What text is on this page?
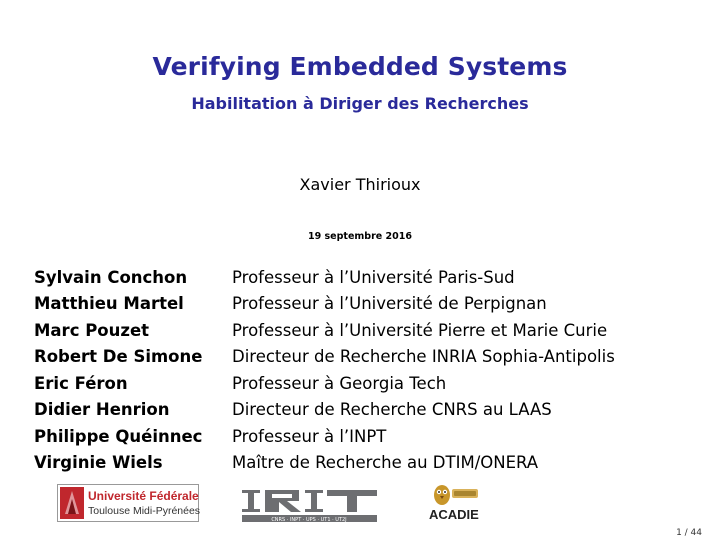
Verifying Embedded Systems
Habilitation à Diriger des Recherches
Xavier Thirioux
19 septembre 2016
Sylvain Conchon	Professeur à l’Université Paris-Sud
Matthieu Martel	Professeur à l’Université de Perpignan
Marc Pouzet	Professeur à l’Université Pierre et Marie Curie
Robert De Simone	Directeur de Recherche INRIA Sophia-Antipolis
Eric Féron	Professeur à Georgia Tech
Didier Henrion	Directeur de Recherche CNRS au LAAS
Philippe Quéinnec	Professeur à l’INPT
Virginie Wiels	Maître de Recherche au DTIM/ONERA
Université Fédérale
Toulouse Midi-Pyrénées
CNRS · INPT · UPS · UT1 · UT2J
IRIT
ACADIE
1 / 44
